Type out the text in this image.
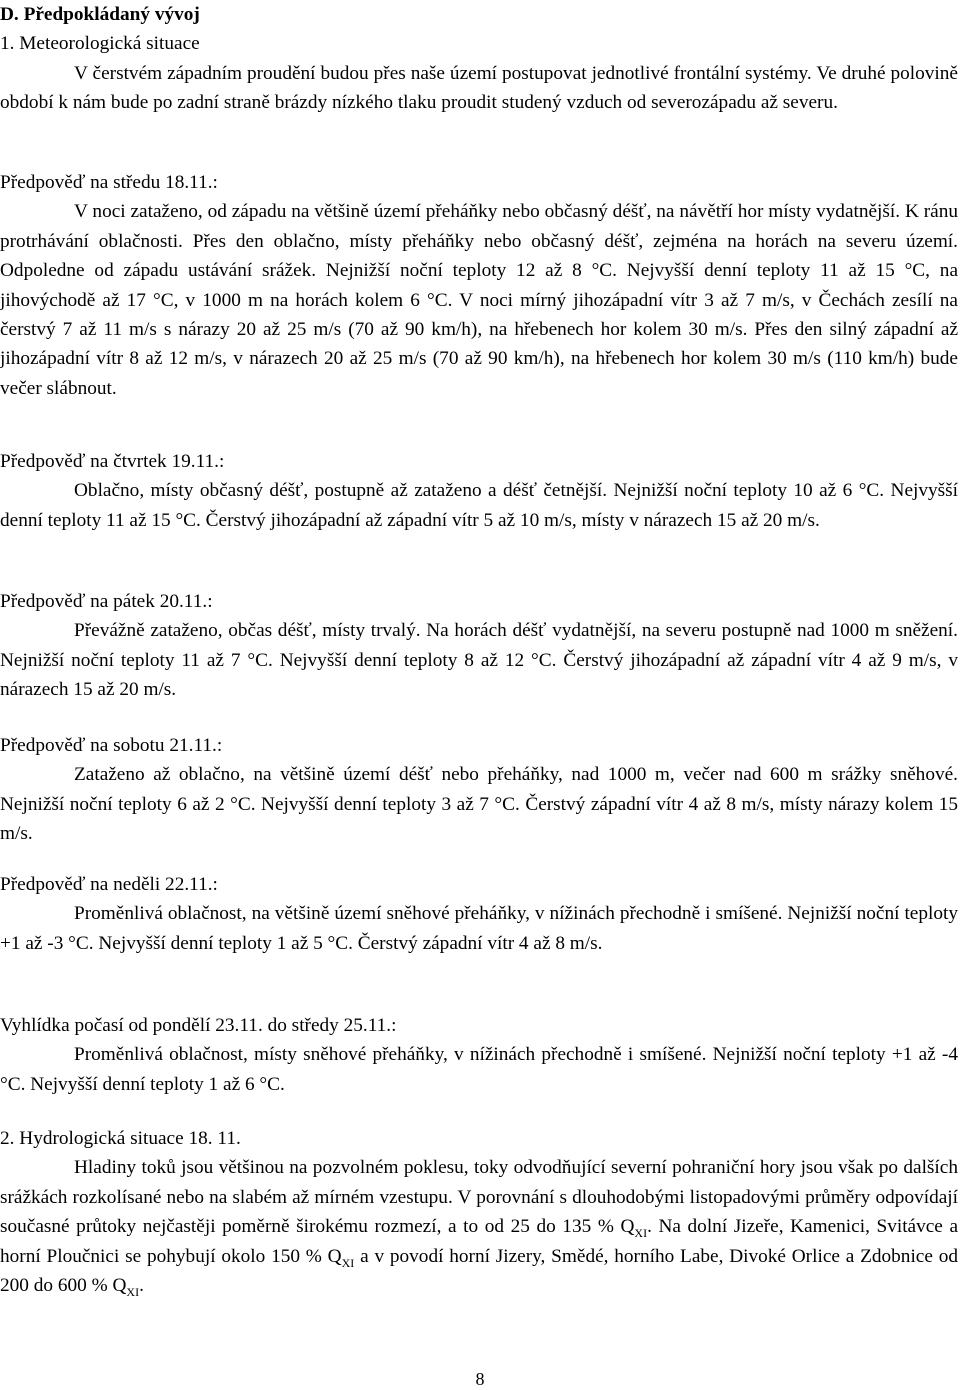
D. Předpokládaný vývoj
1. Meteorologická situace

V čerstvém západním proudění budou přes naše území postupovat jednotlivé frontální systémy. Ve druhé polovině období k nám bude po zadní straně brázdy nízkého tlaku proudit studený vzduch od severozápadu až severu.

Předpověď na středu 18.11.:

V noci zataženo, od západu na většině území přeháňky nebo občasný déšť, na návětří hor místy vydatnější. K ránu protrhávání oblačnosti. Přes den oblačno, místy přeháňky nebo občasný déšť, zejména na horách na severu území. Odpoledne od západu ustávání srážek. Nejnižší noční teploty 12 až 8 °C. Nejvyšší denní teploty 11 až 15 °C, na jihovýchodě až 17 °C, v 1000 m na horách kolem 6 °C. V noci mírný jihozápadní vítr 3 až 7 m/s, v Čechách zesílí na čerstvý 7 až 11 m/s s nárazy 20 až 25 m/s (70 až 90 km/h), na hřebenech hor kolem 30 m/s. Přes den silný západní až jihozápadní vítr 8 až 12 m/s, v nárazech 20 až 25 m/s (70 až 90 km/h), na hřebenech hor kolem 30 m/s (110 km/h) bude večer slábnout.

Předpověď na čtvrtek 19.11.:

Oblačno, místy občasný déšť, postupně až zataženo a déšť četnější. Nejnižší noční teploty 10 až 6 °C. Nejvyšší denní teploty 11 až 15 °C. Čerstvý jihozápadní až západní vítr 5 až 10 m/s, místy v nárazech 15 až 20 m/s.

Předpověď na pátek 20.11.:

Převážně zataženo, občas déšť, místy trvalý. Na horách déšť vydatnější, na severu postupně nad 1000 m sněžení. Nejnižší noční teploty 11 až 7 °C. Nejvyšší denní teploty 8 až 12 °C. Čerstvý jihozápadní až západní vítr 4 až 9 m/s, v nárazech 15 až 20 m/s.

Předpověď na sobotu 21.11.:

Zataženo až oblačno, na většině území déšť nebo přeháňky, nad 1000 m, večer nad 600 m srážky sněhové. Nejnižší noční teploty 6 až 2 °C. Nejvyšší denní teploty 3 až 7 °C. Čerstvý západní vítr 4 až 8 m/s, místy nárazy kolem 15 m/s.

Předpověď na neděli 22.11.:

Proměnlivá oblačnost, na většině území sněhové přeháňky, v nížinách přechodně i smíšené. Nejnižší noční teploty +1 až -3 °C. Nejvyšší denní teploty 1 až 5 °C. Čerstvý západní vítr 4 až 8 m/s.

Vyhlídka počasí od pondělí 23.11. do středy 25.11.:

Proměnlivá oblačnost, místy sněhové přeháňky, v nížinách přechodně i smíšené. Nejnižší noční teploty +1 až -4 °C. Nejvyšší denní teploty 1 až 6 °C.

2. Hydrologická situace 18. 11.

Hladiny toků jsou většinou na pozvolném poklesu, toky odvodňující severní pohraniční hory jsou však po dalších srážkách rozkolísané nebo na slabém až mírném vzestupu. V porovnání s dlouhodobými listopadovými průměry odpovídají současné průtoky nejčastěji poměrně širokému rozmezí, a to od 25 do 135 % $Q_{XI}$. Na dolní Jizeře, Kamenici, Svitávce a horní Ploučnici se pohybují okolo 150 % $Q_{XI}$ a v povodí horní Jizery, Smědé, horního Labe, Divoké Orlice a Zdobnice od 200 do 600 % $Q_{XI}$.

8
